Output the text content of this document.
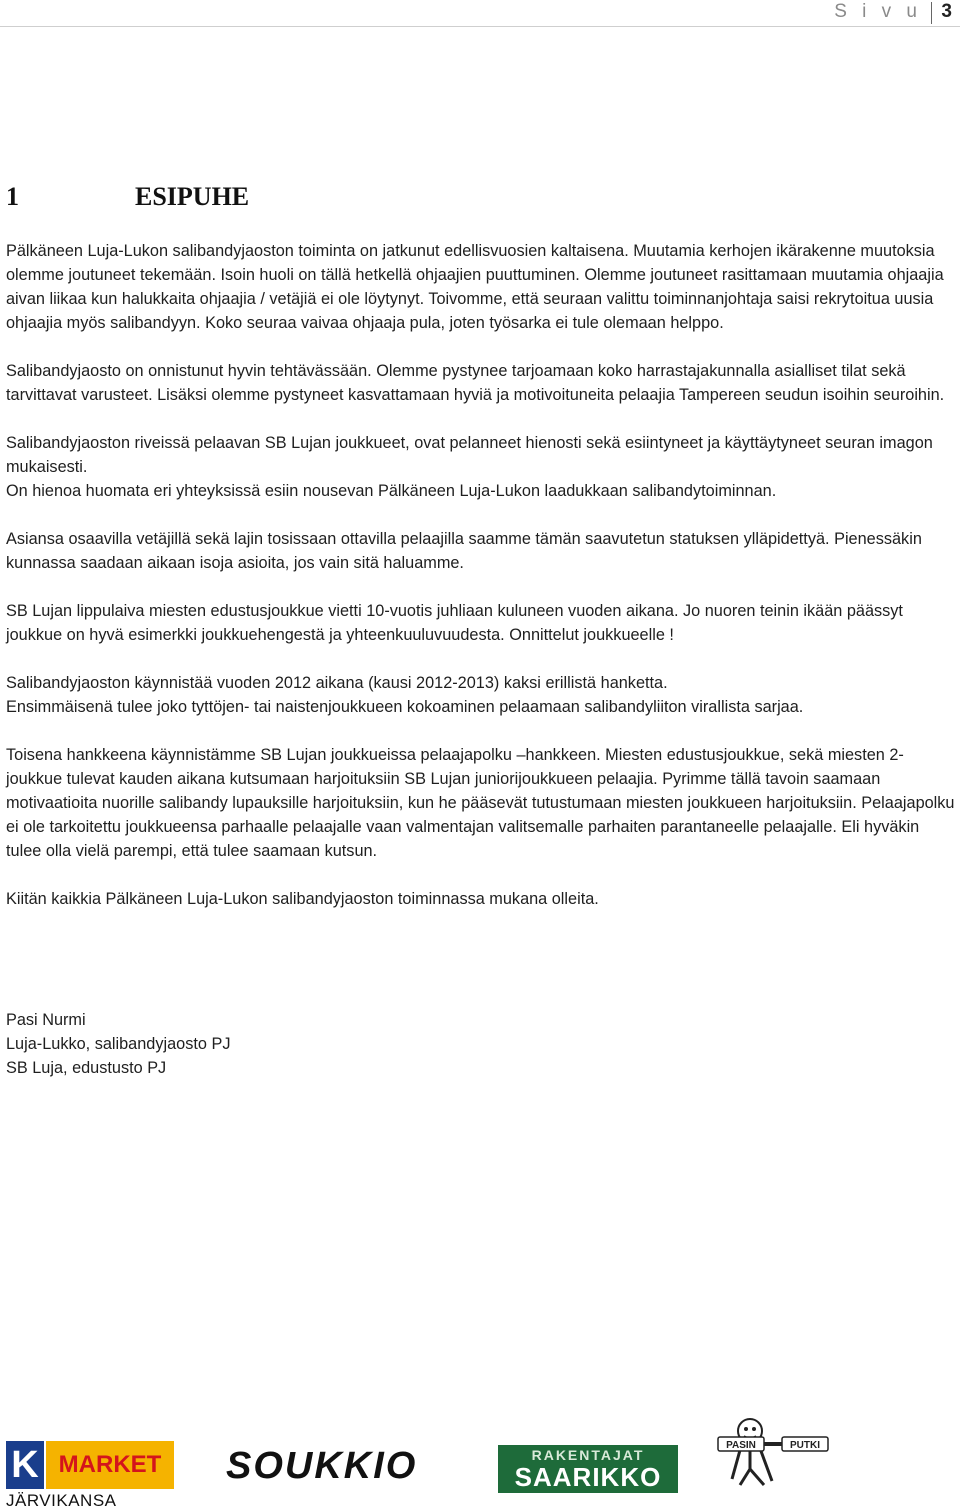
S i v u 3
1	ESIPUHE

Pälkäneen Luja-Lukon salibandyjaoston toiminta on jatkunut edellisvuosien kaltaisena. Muutamia kerhojen ikärakenne muutoksia olemme joutuneet tekemään. Isoin huoli on tällä hetkellä ohjaajien puuttuminen. Olemme joutuneet rasittamaan muutamia ohjaajia aivan liikaa kun halukkaita ohjaajia / vetäjiä ei ole löytynyt. Toivomme, että seuraan valittu toiminnanjohtaja saisi rekrytoitua uusia ohjaajia myös salibandyyn. Koko seuraa vaivaa ohjaaja pula, joten työsarka ei tule olemaan helppo.

Salibandyjaosto on onnistunut hyvin tehtävässään. Olemme pystynee tarjoamaan koko harrastajakunnalla asialliset tilat sekä tarvittavat varusteet. Lisäksi olemme pystyneet kasvattamaan hyviä ja motivoituneita pelaajia Tampereen seudun isoihin seuroihin.

Salibandyjaoston riveissä pelaavan SB Lujan joukkueet, ovat pelanneet hienosti sekä esiintyneet ja käyttäytyneet seuran imagon mukaisesti.

On hienoa huomata eri yhteyksissä esiin nousevan Pälkäneen Luja-Lukon laadukkaan salibandytoiminnan.

Asiansa osaavilla vetäjillä sekä lajin tosissaan ottavilla pelaajilla saamme tämän saavutetun statuksen ylläpidettyä. Pienessäkin kunnassa saadaan aikaan isoja asioita, jos vain sitä haluamme.

SB Lujan lippulaiva miesten edustusjoukkue vietti 10-vuotis juhliaan kuluneen vuoden aikana. Jo nuoren teinin ikään päässyt joukkue on hyvä esimerkki joukkuehengestä ja yhteenkuuluvuudesta. Onnittelut joukkueelle !

Salibandyjaoston käynnistää vuoden 2012 aikana (kausi 2012-2013) kaksi erillistä hanketta.

Ensimmäisenä tulee joko tyttöjen- tai naistenjoukkueen kokoaminen pelaamaan salibandyliiton virallista sarjaa.

Toisena hankkeena käynnistämme SB Lujan joukkueissa pelaajapolku –hankkeen. Miesten edustusjoukkue, sekä miesten 2-joukkue tulevat kauden aikana kutsumaan harjoituksiin SB Lujan juniorijoukkueen pelaajia. Pyrimme tällä tavoin saamaan motivaatioita nuorille salibandy lupauksille harjoituksiin, kun he pääsevät tutustumaan miesten joukkueen harjoituksiin. Pelaajapolku ei ole tarkoitettu joukkueensa parhaalle pelaajalle vaan valmentajan valitsemalle parhaiten parantaneelle pelaajalle. Eli hyväkin tulee olla vielä parempi, että tulee saamaan kutsun.

Kiitän kaikkia Pälkäneen Luja-Lukon salibandyjaoston toiminnassa mukana olleita.

Pasi Nurmi
Luja-Lukko, salibandyjaosto PJ
SB Luja, edustusto PJ
K MARKET
JÄRVIKANSA
SOUKKIO	RAKENTAJAT
SAARIKKO
PASIN	PUTKI
